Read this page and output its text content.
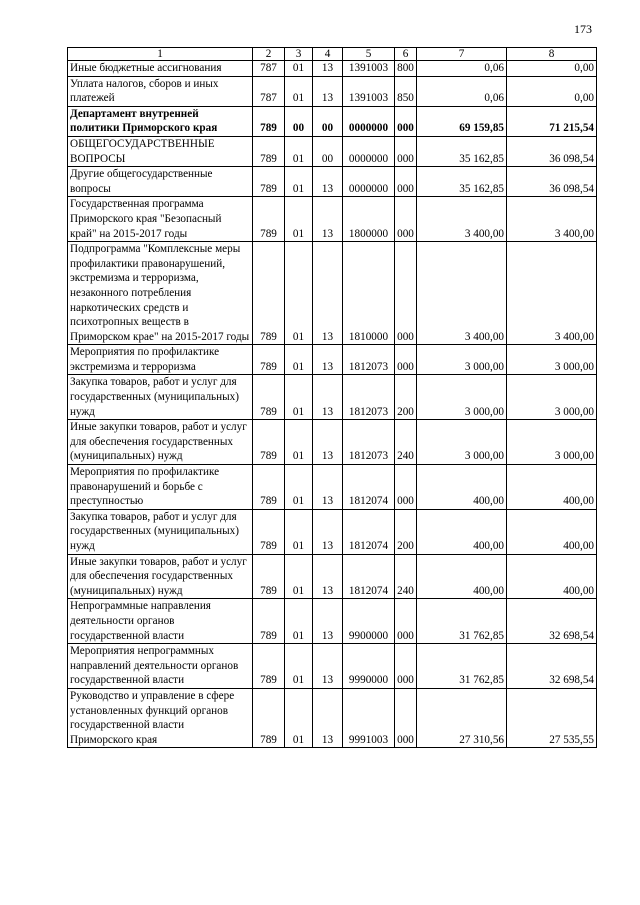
173
1	2	3	4	5	6	7	8
Иные бюджетные ассигнования	787	01	13	1391003	800	0,06	0,00
Уплата налогов, сборов и иных платежей	787	01	13	1391003	850	0,06	0,00
Департамент внутренней политики Приморского края	789	00	00	0000000	000	69 159,85	71 215,54
ОБЩЕГОСУДАРСТВЕННЫЕ ВОПРОСЫ	789	01	00	0000000	000	35 162,85	36 098,54
Другие общегосударственные вопросы	789	01	13	0000000	000	35 162,85	36 098,54
Государственная программа Приморского края "Безопасный край" на 2015-2017 годы	789	01	13	1800000	000	3 400,00	3 400,00
Подпрограмма "Комплексные меры профилактики правонарушений, экстремизма и терроризма, незаконного потребления наркотических средств и психотропных веществ в Приморском крае" на 2015-2017 годы	789	01	13	1810000	000	3 400,00	3 400,00
Мероприятия по профилактике экстремизма и терроризма	789	01	13	1812073	000	3 000,00	3 000,00
Закупка товаров, работ и услуг для государственных (муниципальных) нужд	789	01	13	1812073	200	3 000,00	3 000,00
Иные закупки товаров, работ и услуг для обеспечения государственных (муниципальных) нужд	789	01	13	1812073	240	3 000,00	3 000,00
Мероприятия по профилактике правонарушений и борьбе с преступностью	789	01	13	1812074	000	400,00	400,00
Закупка товаров, работ и услуг для государственных (муниципальных) нужд	789	01	13	1812074	200	400,00	400,00
Иные закупки товаров, работ и услуг для обеспечения государственных (муниципальных) нужд	789	01	13	1812074	240	400,00	400,00
Непрограммные направления деятельности органов государственной власти	789	01	13	9900000	000	31 762,85	32 698,54
Мероприятия непрограммных направлений деятельности органов государственной власти	789	01	13	9990000	000	31 762,85	32 698,54
Руководство и управление в сфере установленных функций органов государственной власти Приморского края	789	01	13	9991003	000	27 310,56	27 535,55
